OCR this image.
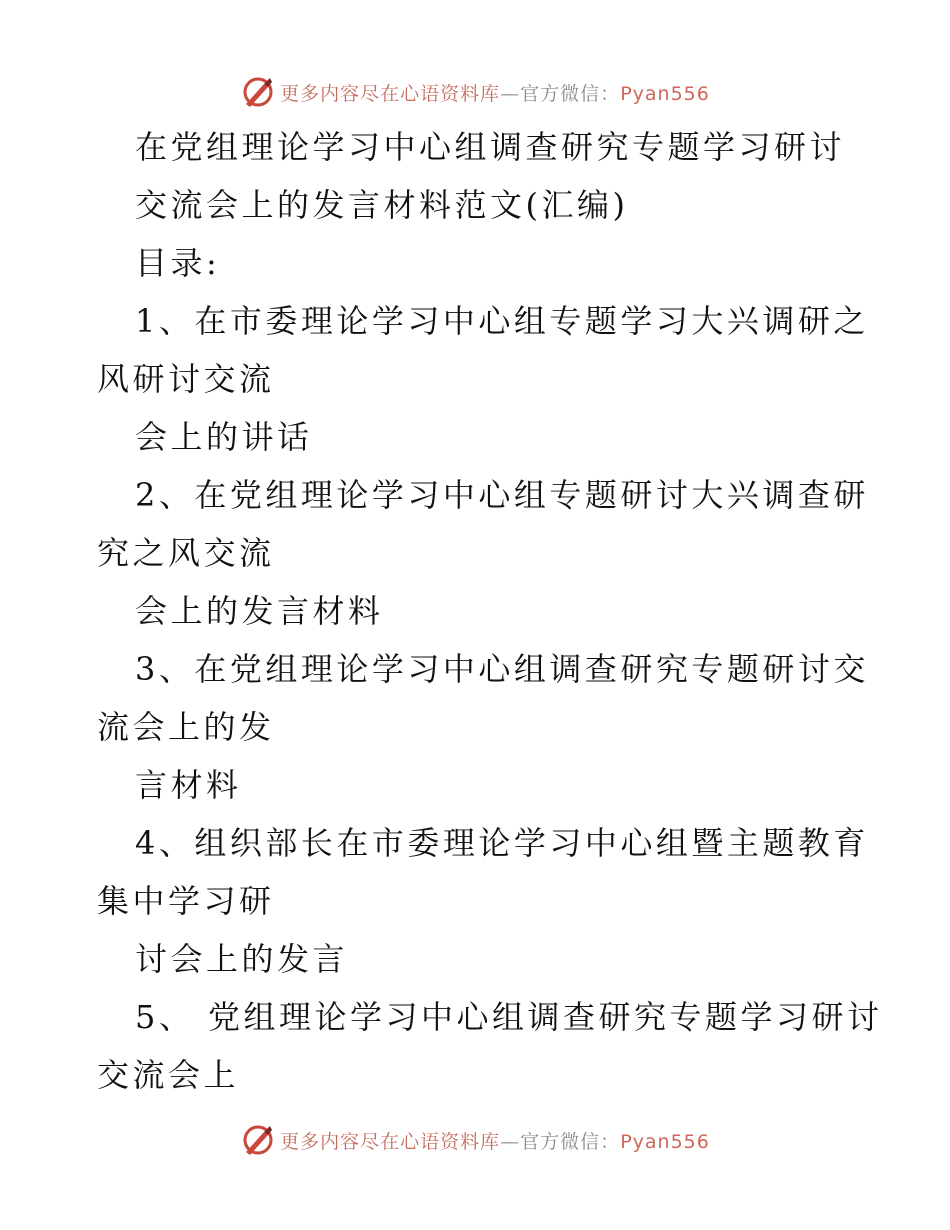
更多内容尽在心语资料库—官方微信：Pyan556
在党组理论学习中心组调查研究专题学习研讨
交流会上的发言材料范文(汇编)
目录:
1、在市委理论学习中心组专题学习大兴调研之
风研讨交流
会上的讲话
2、在党组理论学习中心组专题研讨大兴调查研
究之风交流
会上的发言材料
3、在党组理论学习中心组调查研究专题研讨交
流会上的发
言材料
4、组织部长在市委理论学习中心组暨主题教育
集中学习研
讨会上的发言
5、 党组理论学习中心组调查研究专题学习研讨
交流会上
更多内容尽在心语资料库—官方微信：Pyan556
